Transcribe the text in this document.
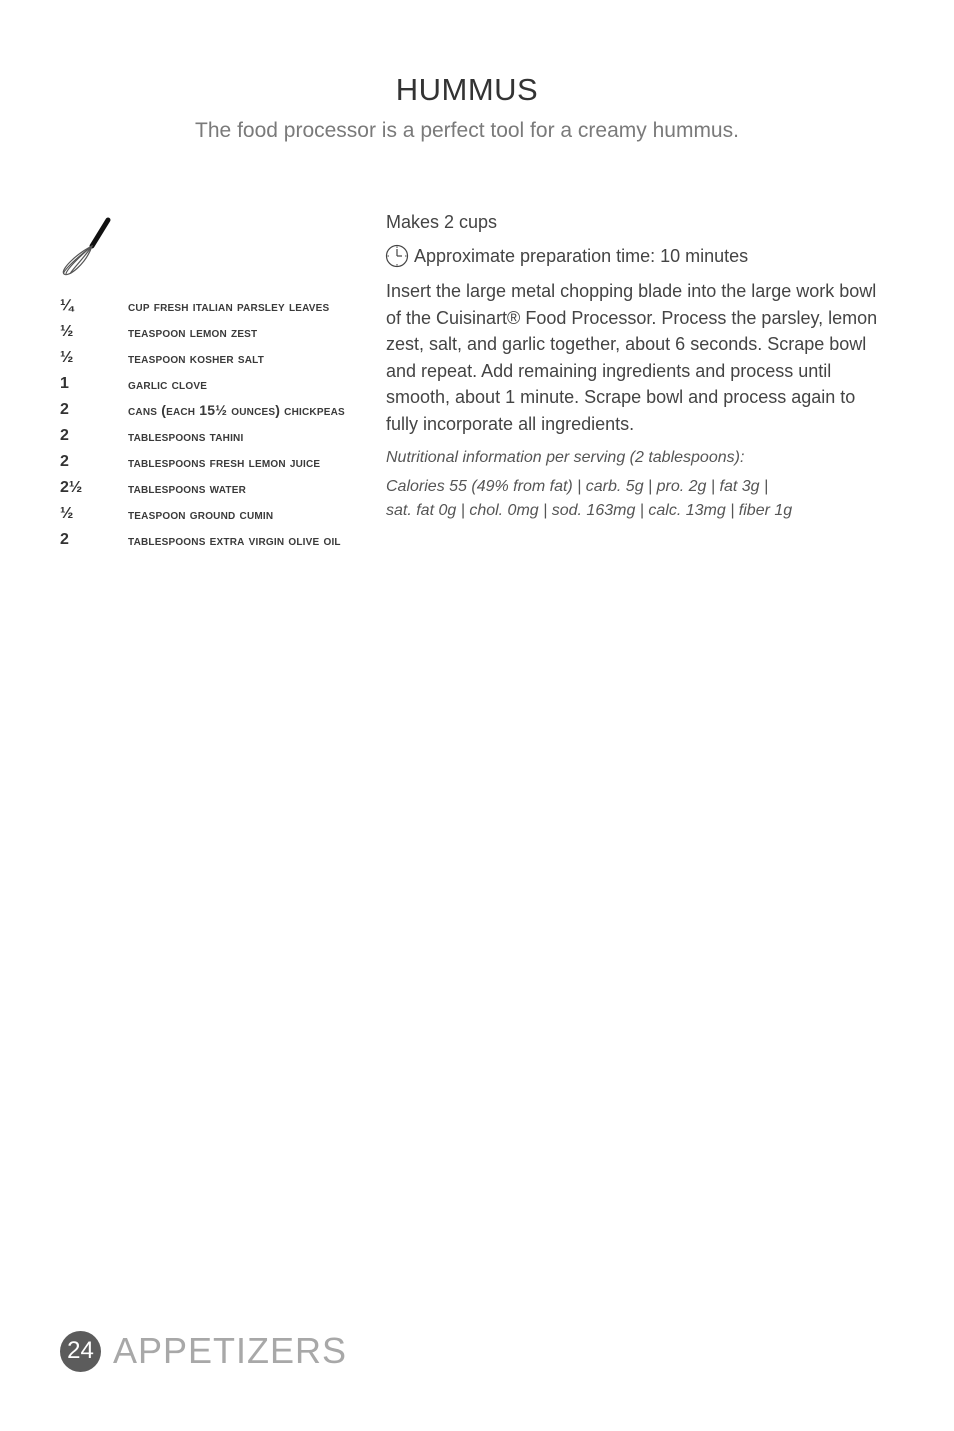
HUMMUS
The food processor is a perfect tool for a creamy hummus.
¼	cup fresh italian parsley leaves
½	teaspoon lemon zest
½	teaspoon kosher salt
1	garlic clove
2	cans (each 15½ ounces) chickpeas
2	tablespoons tahini
2	tablespoons fresh lemon juice
2½	tablespoons water
½	teaspoon ground cumin
2	tablespoons extra virgin olive oil
Makes 2 cups
Approximate preparation time: 10 minutes

Insert the large metal chopping blade into the large work bowl of the Cuisinart® Food Processor. Process the parsley, lemon zest, salt, and garlic together, about 6 seconds. Scrape bowl and repeat. Add remaining ingredients and process until smooth, about 1 minute. Scrape bowl and process again to fully incorporate all ingredients.

Nutritional information per serving (2 tablespoons):
Calories 55 (49% from fat) | carb. 5g | pro. 2g | fat 3g |
sat. fat 0g | chol. 0mg | sod. 163mg | calc. 13mg | fiber 1g
24 APPETIZERS
